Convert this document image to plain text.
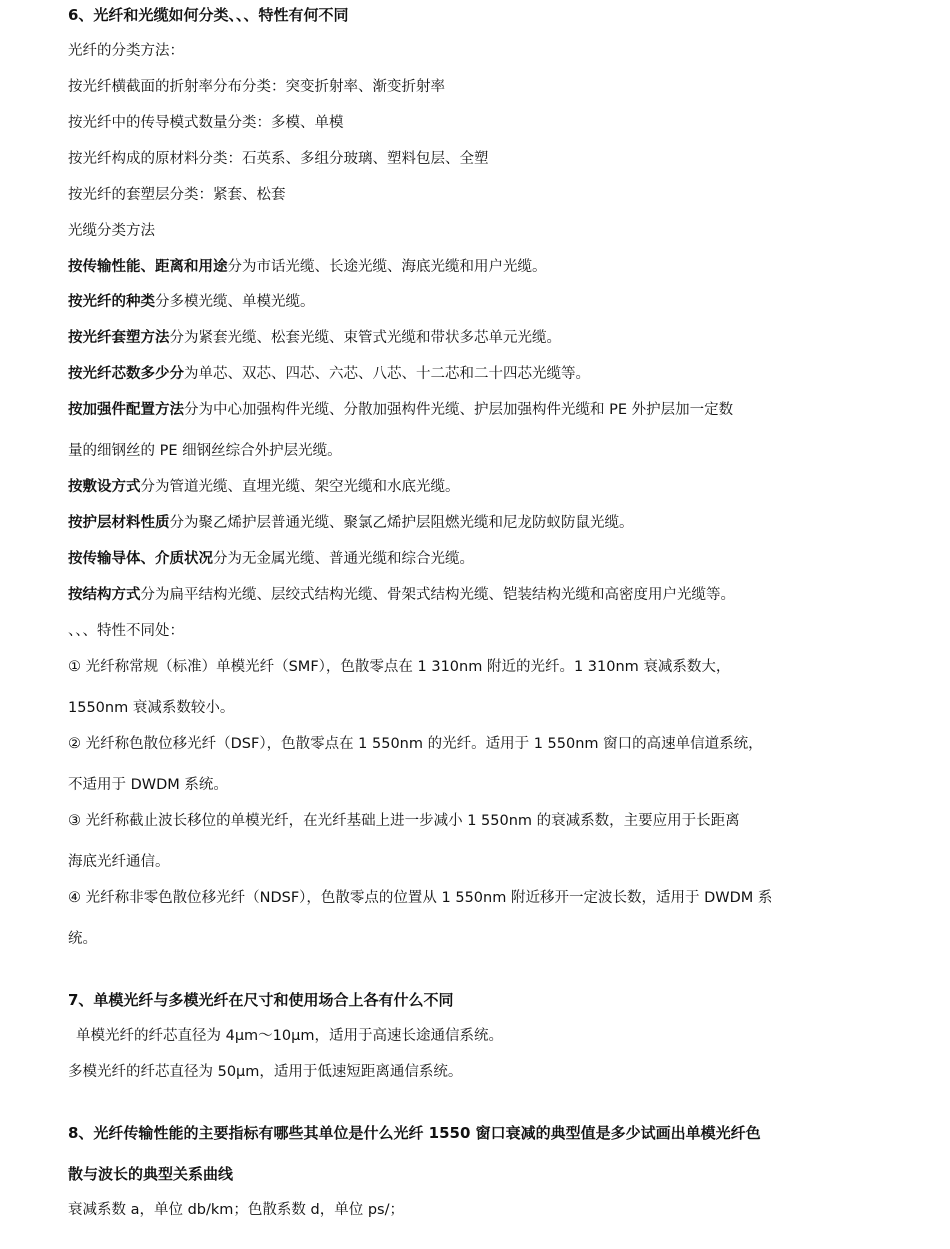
6、光纤和光缆如何分类、、、特性有何不同
光纤的分类方法：
按光纤横截面的折射率分布分类：突变折射率、渐变折射率
按光纤中的传导模式数量分类：多模、单模
按光纤构成的原材料分类：石英系、多组分玻璃、塑料包层、全塑
按光纤的套塑层分类：紧套、松套
光缆分类方法
按传输性能、距离和用途分为市话光缆、长途光缆、海底光缆和用户光缆。
按光纤的种类分多模光缆、单模光缆。
按光纤套塑方法分为紧套光缆、松套光缆、束管式光缆和带状多芯单元光缆。
按光纤芯数多少分为单芯、双芯、四芯、六芯、八芯、十二芯和二十四芯光缆等。
按加强件配置方法分为中心加强构件光缆、分散加强构件光缆、护层加强构件光缆和 PE 外护层加一定数
量的细钢丝的 PE 细钢丝综合外护层光缆。
按敷设方式分为管道光缆、直埋光缆、架空光缆和水底光缆。
按护层材料性质分为聚乙烯护层普通光缆、聚氯乙烯护层阻燃光缆和尼龙防蚁防鼠光缆。
按传输导体、介质状况分为无金属光缆、普通光缆和综合光缆。
按结构方式分为扁平结构光缆、层绞式结构光缆、骨架式结构光缆、铠装结构光缆和高密度用户光缆等。
、、、特性不同处：
① 光纤称常规（标准）单模光纤（SMF），色散零点在 1 310nm 附近的光纤。1 310nm 衰减系数大，
1550nm 衰减系数较小。
② 光纤称色散位移光纤（DSF），色散零点在 1 550nm 的光纤。适用于 1 550nm 窗口的高速单信道系统，
不适用于 DWDM 系统。
③ 光纤称截止波长移位的单模光纤，在光纤基础上进一步减小 1 550nm 的衰减系数，主要应用于长距离
海底光纤通信。
④ 光纤称非零色散位移光纤（NDSF），色散零点的位置从 1 550nm 附近移开一定波长数，适用于 DWDM 系
统。
7、单模光纤与多模光纤在尺寸和使用场合上各有什么不同
单模光纤的纤芯直径为 4μm～10μm，适用于高速长途通信系统。
多模光纤的纤芯直径为 50μm，适用于低速短距离通信系统。
8、光纤传输性能的主要指标有哪些其单位是什么光纤 1550 窗口衰减的典型值是多少试画出单模光纤色
散与波长的典型关系曲线
衰减系数 a，单位 db/km；色散系数 d，单位 ps/；
